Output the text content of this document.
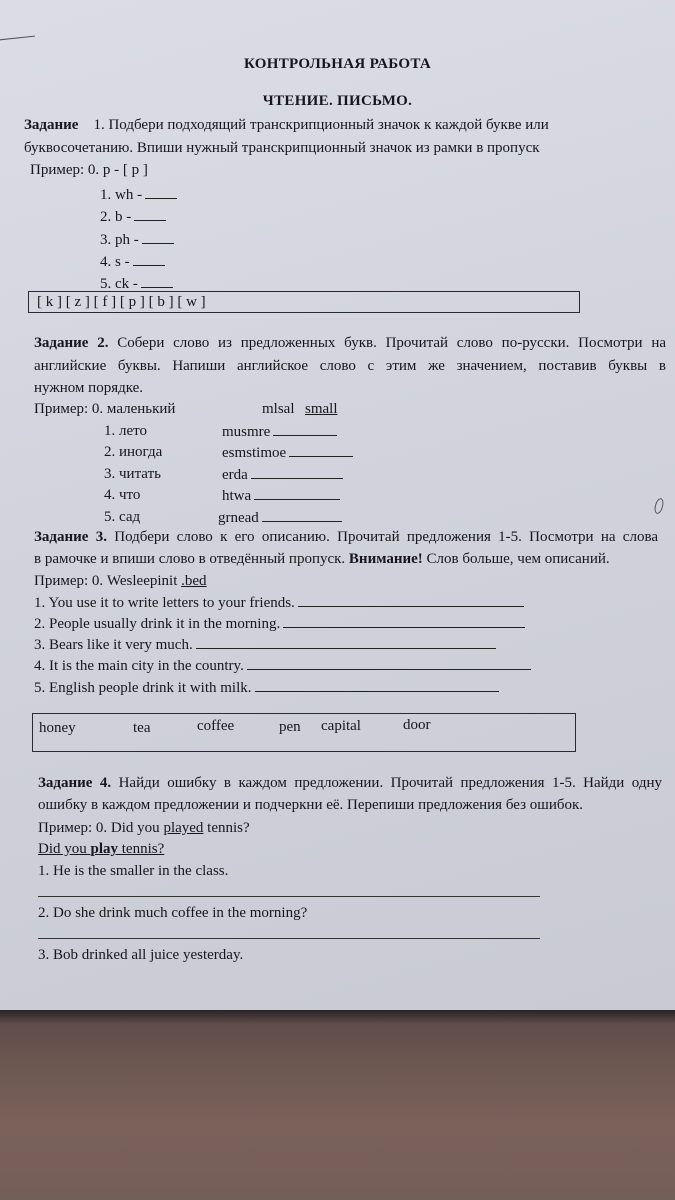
КОНТРОЛЬНАЯ РАБОТА
ЧТЕНИЕ. ПИСЬМО.
Задание 1. Подбери подходящий транскрипционный значок к каждой букве или
буквосочетанию. Впиши нужный транскрипционный значок из рамки в пропуск
Пример: 0. p - [ p ]
1. wh -
2. b -
3. ph -
4. s -
5. ck -
[ k ] [ z ] [ f ] [ p ] [ b ] [ w ]
Задание 2. Собери слово из предложенных букв. Прочитай слово по-русски. Посмотри на
английские буквы. Напиши английское слово с этим же значением, поставив буквы в
нужном порядке.
Пример: 0. маленький	mlsal small
1. лето	musmre
2. иногда	esmstimoe
3. читать	erda
4. что	htwa
5. сад	grnead
Задание 3. Подбери слово к его описанию. Прочитай предложения 1-5. Посмотри на слова
в рамочке и впиши слово в отведённый пропуск. Внимание! Слов больше, чем описаний.
Пример: 0. Wesleepinit .bed
1. You use it to write letters to your friends.
2. People usually drink it in the morning.
3. Bears like it very much.
4. It is the main city in the country.
5. English people drink it with milk.
honey	tea	coffee	pen capital	door
Задание 4. Найди ошибку в каждом предложении. Прочитай предложения 1-5. Найди одну
ошибку в каждом предложении и подчеркни её. Перепиши предложения без ошибок.
Пример: 0. Did you played tennis?
Did you play tennis?
1. He is the smaller in the class.
2. Do she drink much coffee in the morning?
3. Bob drinked all juice yesterday.
